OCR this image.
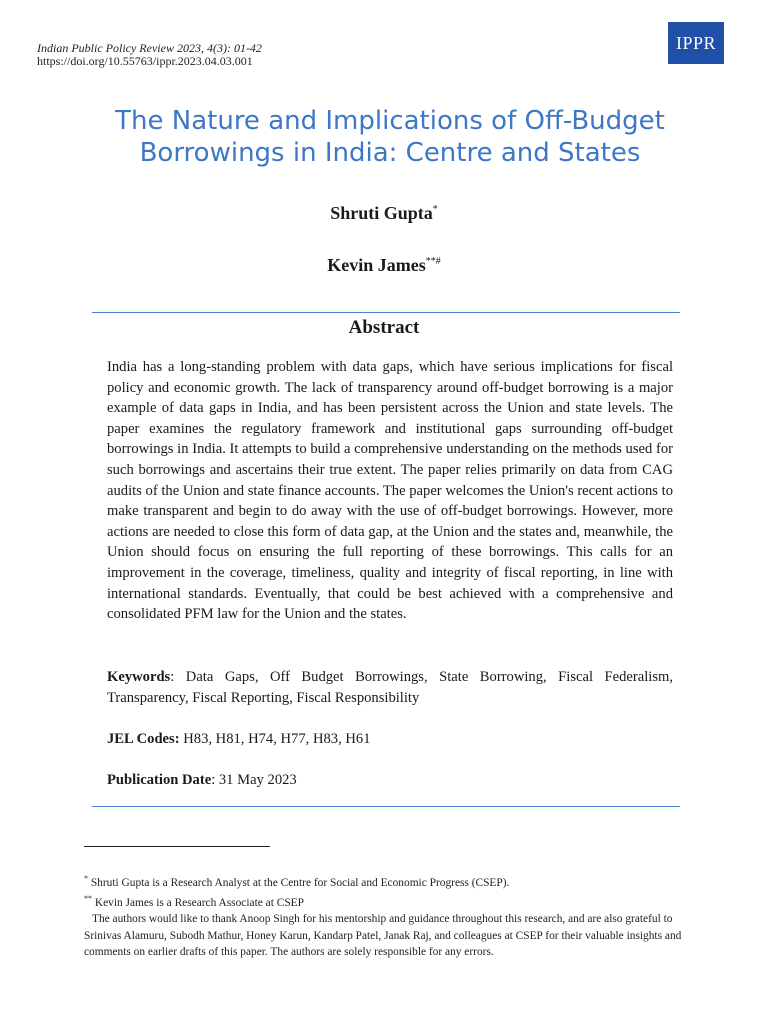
Indian Public Policy Review 2023, 4(3): 01-42
https://doi.org/10.55763/ippr.2023.04.03.001
IPPR
The Nature and Implications of Off-Budget Borrowings in India: Centre and States
Shruti Gupta*
Kevin James**#
Abstract

India has a long-standing problem with data gaps, which have serious implications for fiscal policy and economic growth. The lack of transparency around off-budget borrowing is a major example of data gaps in India, and has been persistent across the Union and state levels. The paper examines the regulatory framework and institutional gaps surrounding off-budget borrowings in India. It attempts to build a comprehensive understanding on the methods used for such borrowings and ascertains their true extent. The paper relies primarily on data from CAG audits of the Union and state finance accounts. The paper welcomes the Union's recent actions to make transparent and begin to do away with the use of off-budget borrowings. However, more actions are needed to close this form of data gap, at the Union and the states and, meanwhile, the Union should focus on ensuring the full reporting of these borrowings. This calls for an improvement in the coverage, timeliness, quality and integrity of fiscal reporting, in line with international standards. Eventually, that could be best achieved with a comprehensive and consolidated PFM law for the Union and the states.

Keywords: Data Gaps, Off Budget Borrowings, State Borrowing, Fiscal Federalism, Transparency, Fiscal Reporting, Fiscal Responsibility

JEL Codes: H83, H81, H74, H77, H83, H61

Publication Date: 31 May 2023

* Shruti Gupta is a Research Analyst at the Centre for Social and Economic Progress (CSEP).

** Kevin James is a Research Associate at CSEP

The authors would like to thank Anoop Singh for his mentorship and guidance throughout this research, and are also grateful to Srinivas Alamuru, Subodh Mathur, Honey Karun, Kandarp Patel, Janak Raj, and colleagues at CSEP for their valuable insights and comments on earlier drafts of this paper. The authors are solely responsible for any errors.
